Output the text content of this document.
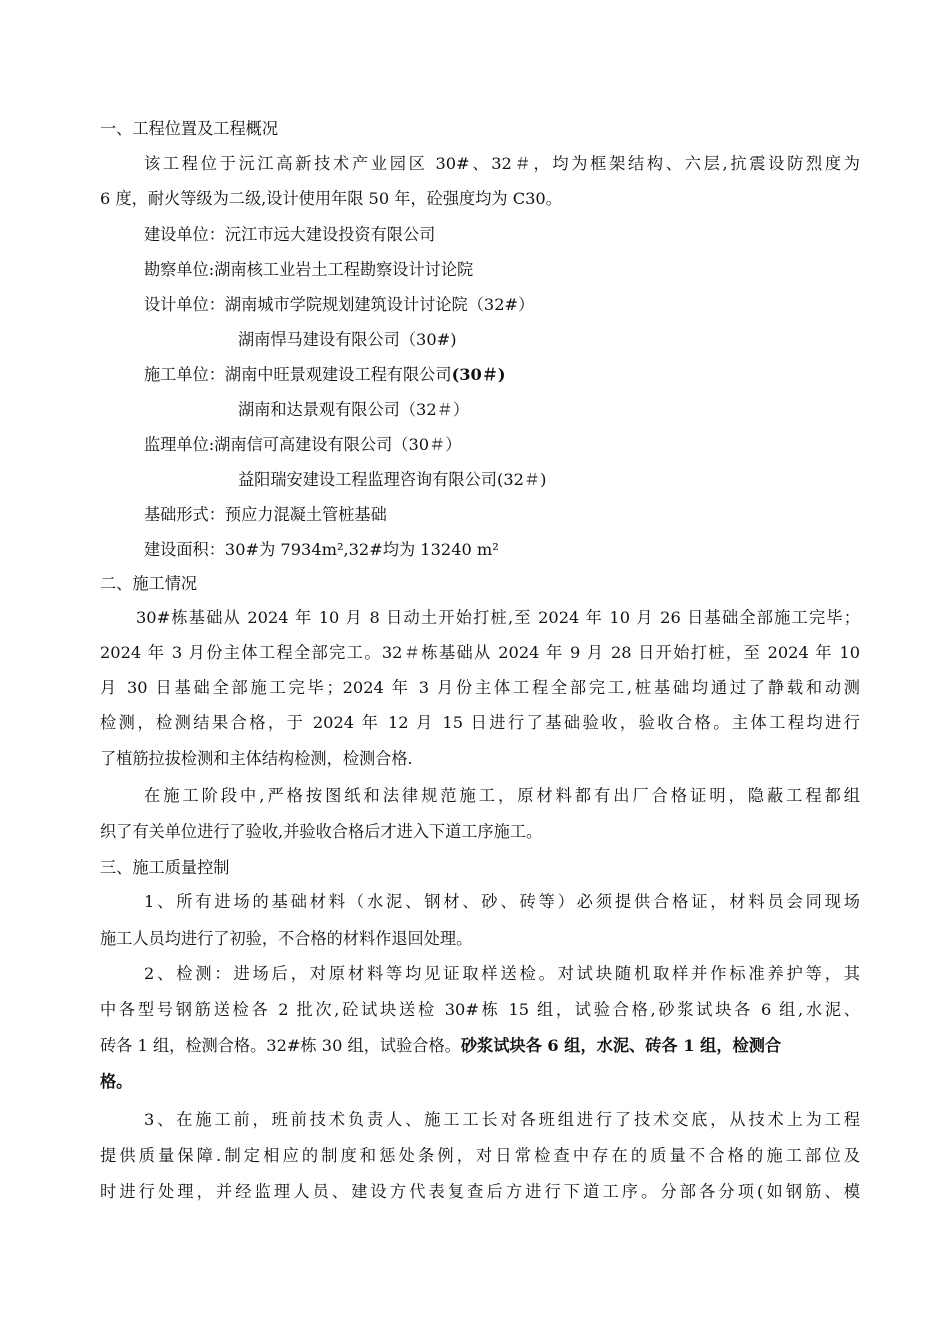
一、工程位置及工程概况
该工程位于沅江高新技术产业园区 30#、32＃，均为框架结构、六层,抗震设防烈度为
6 度，耐火等级为二级,设计使用年限 50 年，砼强度均为 C30。
建设单位：沅江市远大建设投资有限公司
勘察单位:湖南核工业岩土工程勘察设计讨论院
设计单位：湖南城市学院规划建筑设计讨论院（32#）
湖南悍马建设有限公司（30#)
施工单位：湖南中旺景观建设工程有限公司(30＃)
湖南和达景观有限公司（32＃）
监理单位:湖南信可高建设有限公司（30＃）
益阳瑞安建设工程监理咨询有限公司(32＃)
基础形式：预应力混凝土管桩基础
建设面积：30#为 7934m²,32#均为 13240 m²
二、施工情况
30#栋基础从 2024 年 10 月 8 日动土开始打桩,至 2024 年 10 月 26 日基础全部施工完毕；
2024 年 3 月份主体工程全部完工。32＃栋基础从 2024 年 9 月 28 日开始打桩，至 2024 年 10
月 30 日基础全部施工完毕；2024 年 3 月份主体工程全部完工,桩基础均通过了静载和动测
检测，检测结果合格，于 2024 年 12 月 15 日进行了基础验收，验收合格。主体工程均进行
了植筋拉拔检测和主体结构检测，检测合格.
在施工阶段中,严格按图纸和法律规范施工，原材料都有出厂合格证明，隐蔽工程都组
织了有关单位进行了验收,并验收合格后才进入下道工序施工。
三、施工质量控制
1、所有进场的基础材料（水泥、钢材、砂、砖等）必须提供合格证，材料员会同现场
施工人员均进行了初验，不合格的材料作退回处理。
2、检测：进场后，对原材料等均见证取样送检。对试块随机取样并作标准养护等，其
中各型号钢筋送检各 2 批次,砼试块送检 30#栋 15 组，试验合格,砂浆试块各 6 组,水泥、
砖各 1 组，检测合格。32#栋 30 组，试验合格。砂浆试块各 6 组，水泥、砖各 1 组，检测合
格。
3、在施工前，班前技术负责人、施工工长对各班组进行了技术交底，从技术上为工程
提供质量保障.制定相应的制度和惩处条例，对日常检查中存在的质量不合格的施工部位及
时进行处理，并经监理人员、建设方代表复查后方进行下道工序。分部各分项(如钢筋、模
